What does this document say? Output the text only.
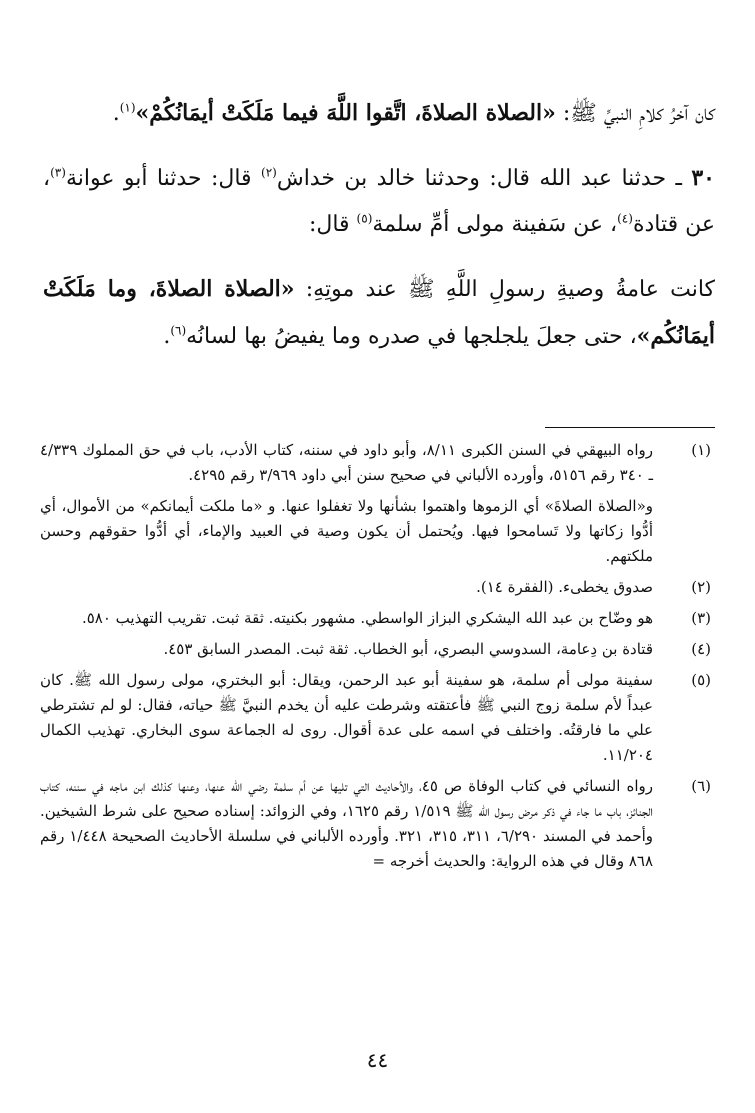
كان آخرُ كلامِ النبيِّ ﷺ: «الصلاة الصلاةَ، اتَّقوا اللَّهَ فيما مَلَكَتْ أيمَانُكُمْ»$^{(١)}$.

٣٠ ـ حدثنا عبد الله قال: وحدثنا خالد بن خداش$^{(٢)}$ قال: حدثنا أبو عوانة$^{(٣)}$، عن قتادة$^{(٤)}$، عن سَفينة مولى أمِّ سلمة$^{(٥)}$ قال:

كانت عامةُ وصيةِ رسولِ اللَّهِ ﷺ عند موتِهِ: «الصلاة الصلاةَ، وما مَلَكَتْ أيمَانُكُم»، حتى جعلَ يلجلجها في صدره وما يفيضُ بها لسانُه$^{(٦)}$.

(١)

رواه البيهقي في السنن الكبرى ٨/١١، وأبو داود في سننه، كتاب الأدب، باب في حق المملوك ٤/٣٣٩ ـ ٣٤٠ رقم ٥١٥٦، وأورده الألباني في صحيح سنن أبي داود ٣/٩٦٩ رقم ٤٢٩٥.

و«الصلاة الصلاةَ» أي الزموها واهتموا بشأنها ولا تغفلوا عنها. و «ما ملكت أيمانكم» من الأموال، أي أدُّوا زكاتها ولا تَسامحوا فيها. ويُحتمل أن يكون وصية في العبيد والإماء، أي أدُّوا حقوقهم وحسن ملكتهم.

(٢)

صدوق يخطىء. (الفقرة ١٤).

(٣)

هو وضّاح بن عبد الله اليشكري البزاز الواسطي. مشهور بكنيته. ثقة ثبت. تقريب التهذيب ٥٨٠.

(٤)

قتادة بن دِعامة، السدوسي البصري، أبو الخطاب. ثقة ثبت. المصدر السابق ٤٥٣.

(٥)

سفينة مولى أم سلمة، هو سفينة أبو عبد الرحمن، ويقال: أبو البختري، مولى رسول الله ﷺ. كان عبداً لأم سلمة زوج النبي ﷺ فأعتقته وشرطت عليه أن يخدم النبيَّ ﷺ حياته، فقال: لو لم تشترطي علي ما فارقتُه. واختلف في اسمه على عدة أقوال. روى له الجماعة سوى البخاري. تهذيب الكمال ١١/٢٠٤.

(٦)

رواه النسائي في كتاب الوفاة ص ٤٥، والأحاديث التي تليها عن أم سلمة رضي الله عنها، وعنها كذلك ابن ماجه في سننه، كتاب الجنائز، باب ما جاء في ذكر مرض رسول الله ﷺ ١/٥١٩ رقم ١٦٢٥، وفي الزوائد: إسناده صحيح على شرط الشيخين. وأحمد في المسند ٦/٢٩٠، ٣١١، ٣١٥، ٣٢١. وأورده الألباني في سلسلة الأحاديث الصحيحة ١/٤٤٨ رقم ٨٦٨ وقال في هذه الرواية: والحديث أخرجه =

٤٤
